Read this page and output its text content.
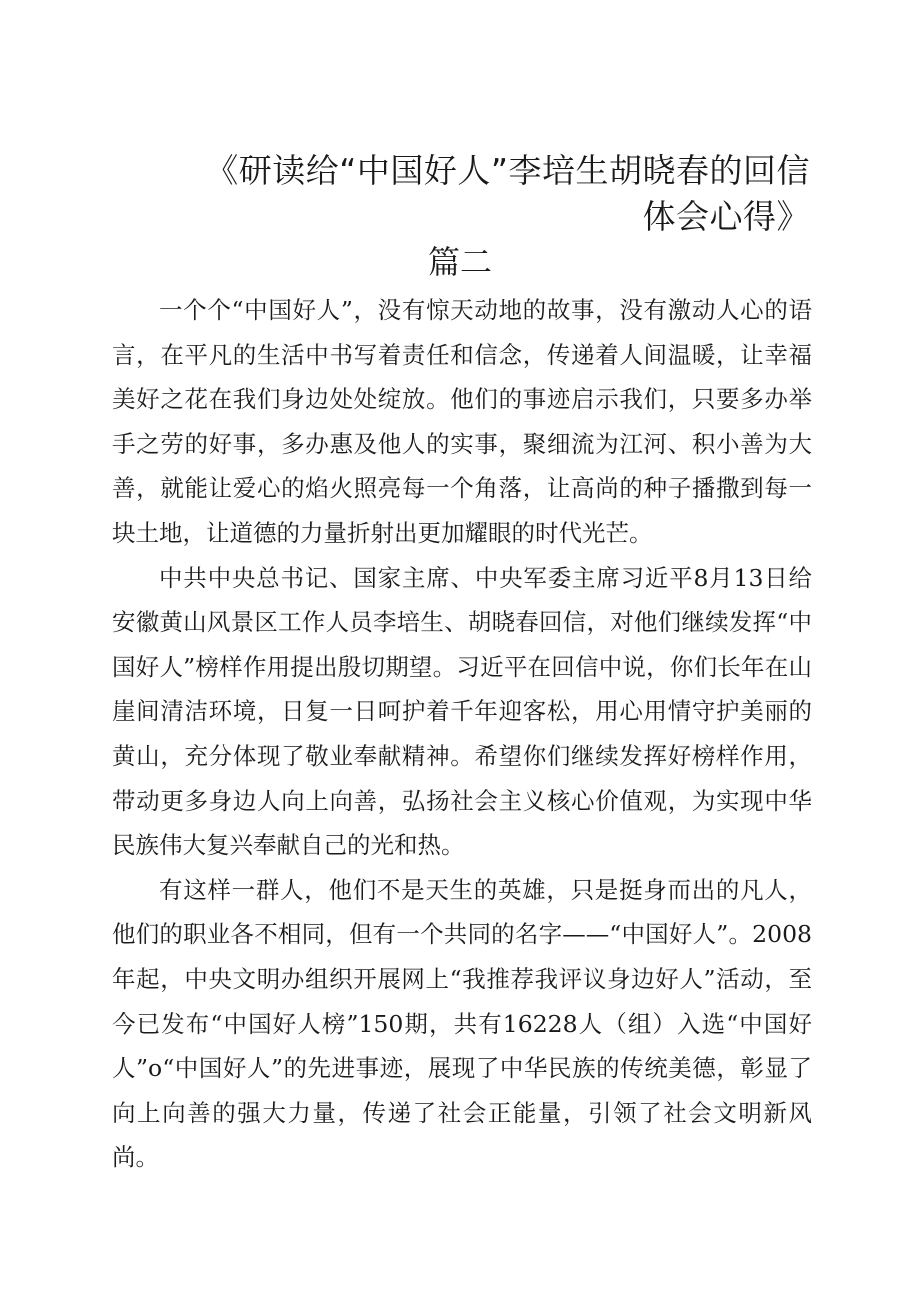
《研读给“中国好人”李培生胡晓春的回信体会心得》
篇二

一个个“中国好人”，没有惊天动地的故事，没有激动人心的语言，在平凡的生活中书写着责任和信念，传递着人间温暖，让幸福美好之花在我们身边处处绽放。他们的事迹启示我们，只要多办举手之劳的好事，多办惠及他人的实事，聚细流为江河、积小善为大善，就能让爱心的焰火照亮每一个角落，让高尚的种子播撒到每一块土地，让道德的力量折射出更加耀眼的时代光芒。

中共中央总书记、国家主席、中央军委主席习近平8月13日给安徽黄山风景区工作人员李培生、胡晓春回信，对他们继续发挥“中国好人”榜样作用提出殷切期望。习近平在回信中说，你们长年在山崖间清洁环境，日复一日呵护着千年迎客松，用心用情守护美丽的黄山，充分体现了敬业奉献精神。希望你们继续发挥好榜样作用，带动更多身边人向上向善，弘扬社会主义核心价值观，为实现中华民族伟大复兴奉献自己的光和热。

有这样一群人，他们不是天生的英雄，只是挺身而出的凡人，他们的职业各不相同，但有一个共同的名字——“中国好人”。2008年起，中央文明办组织开展网上“我推荐我评议身边好人”活动，至今已发布“中国好人榜”150期，共有16228人（组）入选“中国好人”o“中国好人”的先进事迹，展现了中华民族的传统美德，彰显了向上向善的强大力量，传递了社会正能量，引领了社会文明新风尚。
